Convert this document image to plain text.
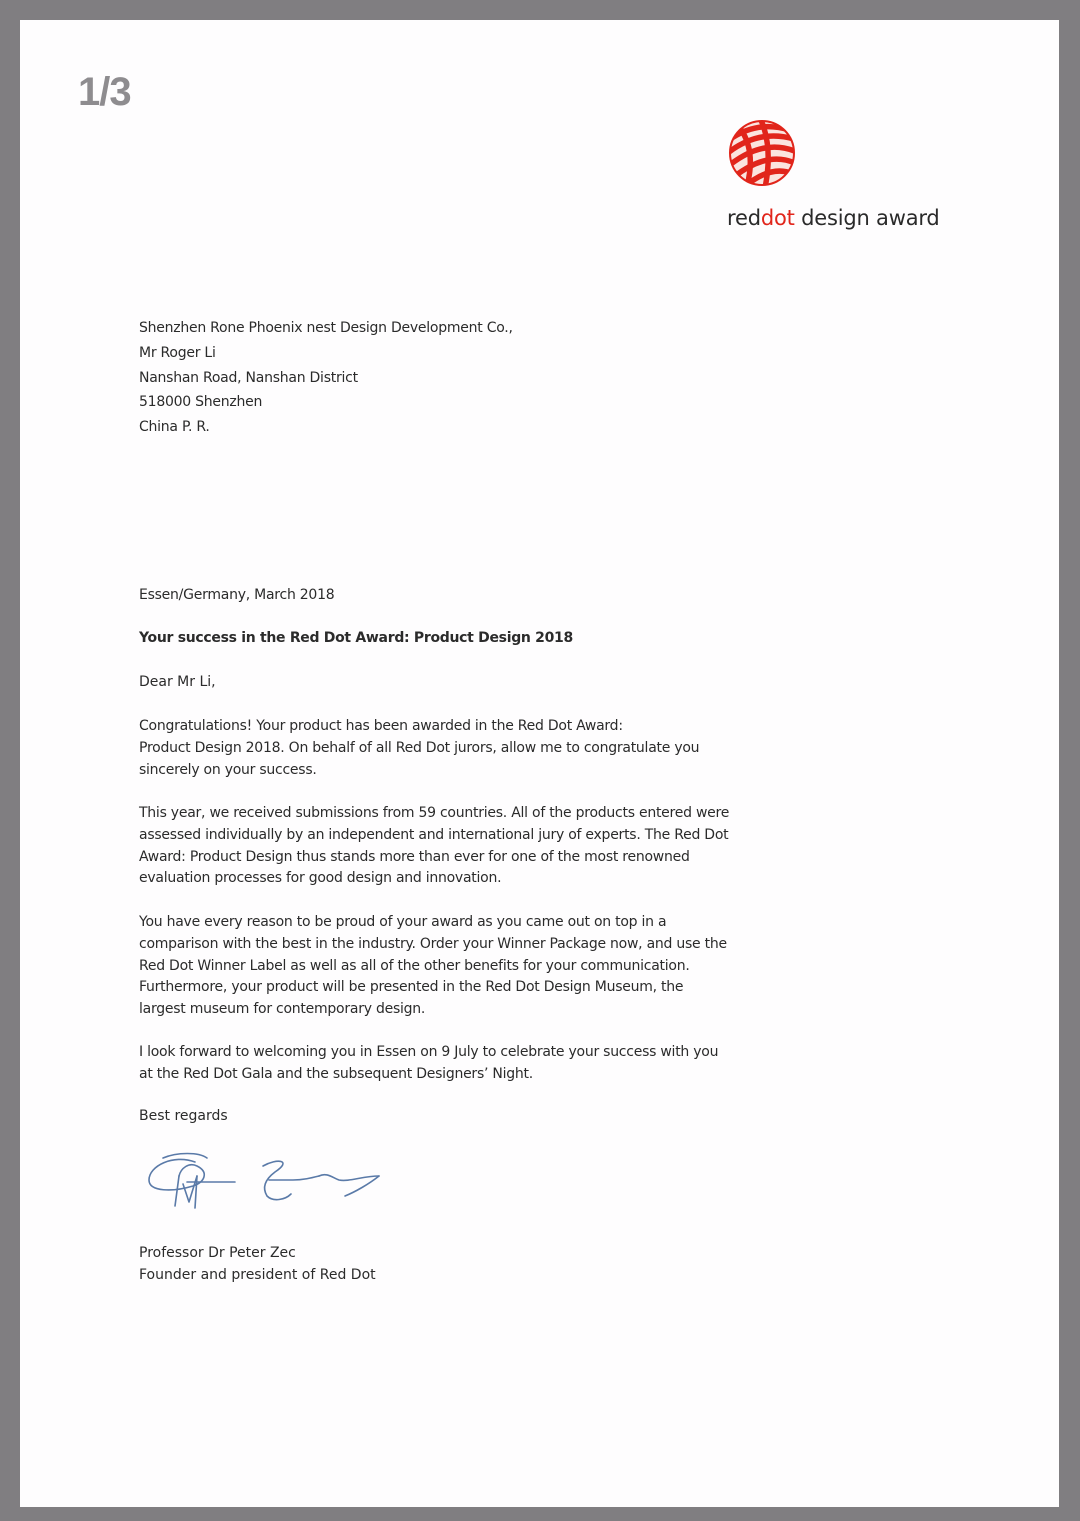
1/3
reddot design award
Shenzhen Rone Phoenix nest Design Development Co.,
Mr Roger Li
Nanshan Road, Nanshan District
518000 Shenzhen
China P. R.
Essen/Germany, March 2018
Your success in the Red Dot Award: Product Design 2018
Dear Mr Li,
Congratulations! Your product has been awarded in the Red Dot Award:
Product Design 2018. On behalf of all Red Dot jurors, allow me to congratulate you
sincerely on your success.
This year, we received submissions from 59 countries. All of the products entered were
assessed individually by an independent and international jury of experts. The Red Dot
Award: Product Design thus stands more than ever for one of the most renowned
evaluation processes for good design and innovation.
You have every reason to be proud of your award as you came out on top in a
comparison with the best in the industry. Order your Winner Package now, and use the
Red Dot Winner Label as well as all of the other benefits for your communication.
Furthermore, your product will be presented in the Red Dot Design Museum, the
largest museum for contemporary design.
I look forward to welcoming you in Essen on 9 July to celebrate your success with you
at the Red Dot Gala and the subsequent Designers’ Night.
Best regards
Professor Dr Peter Zec
Founder and president of Red Dot
